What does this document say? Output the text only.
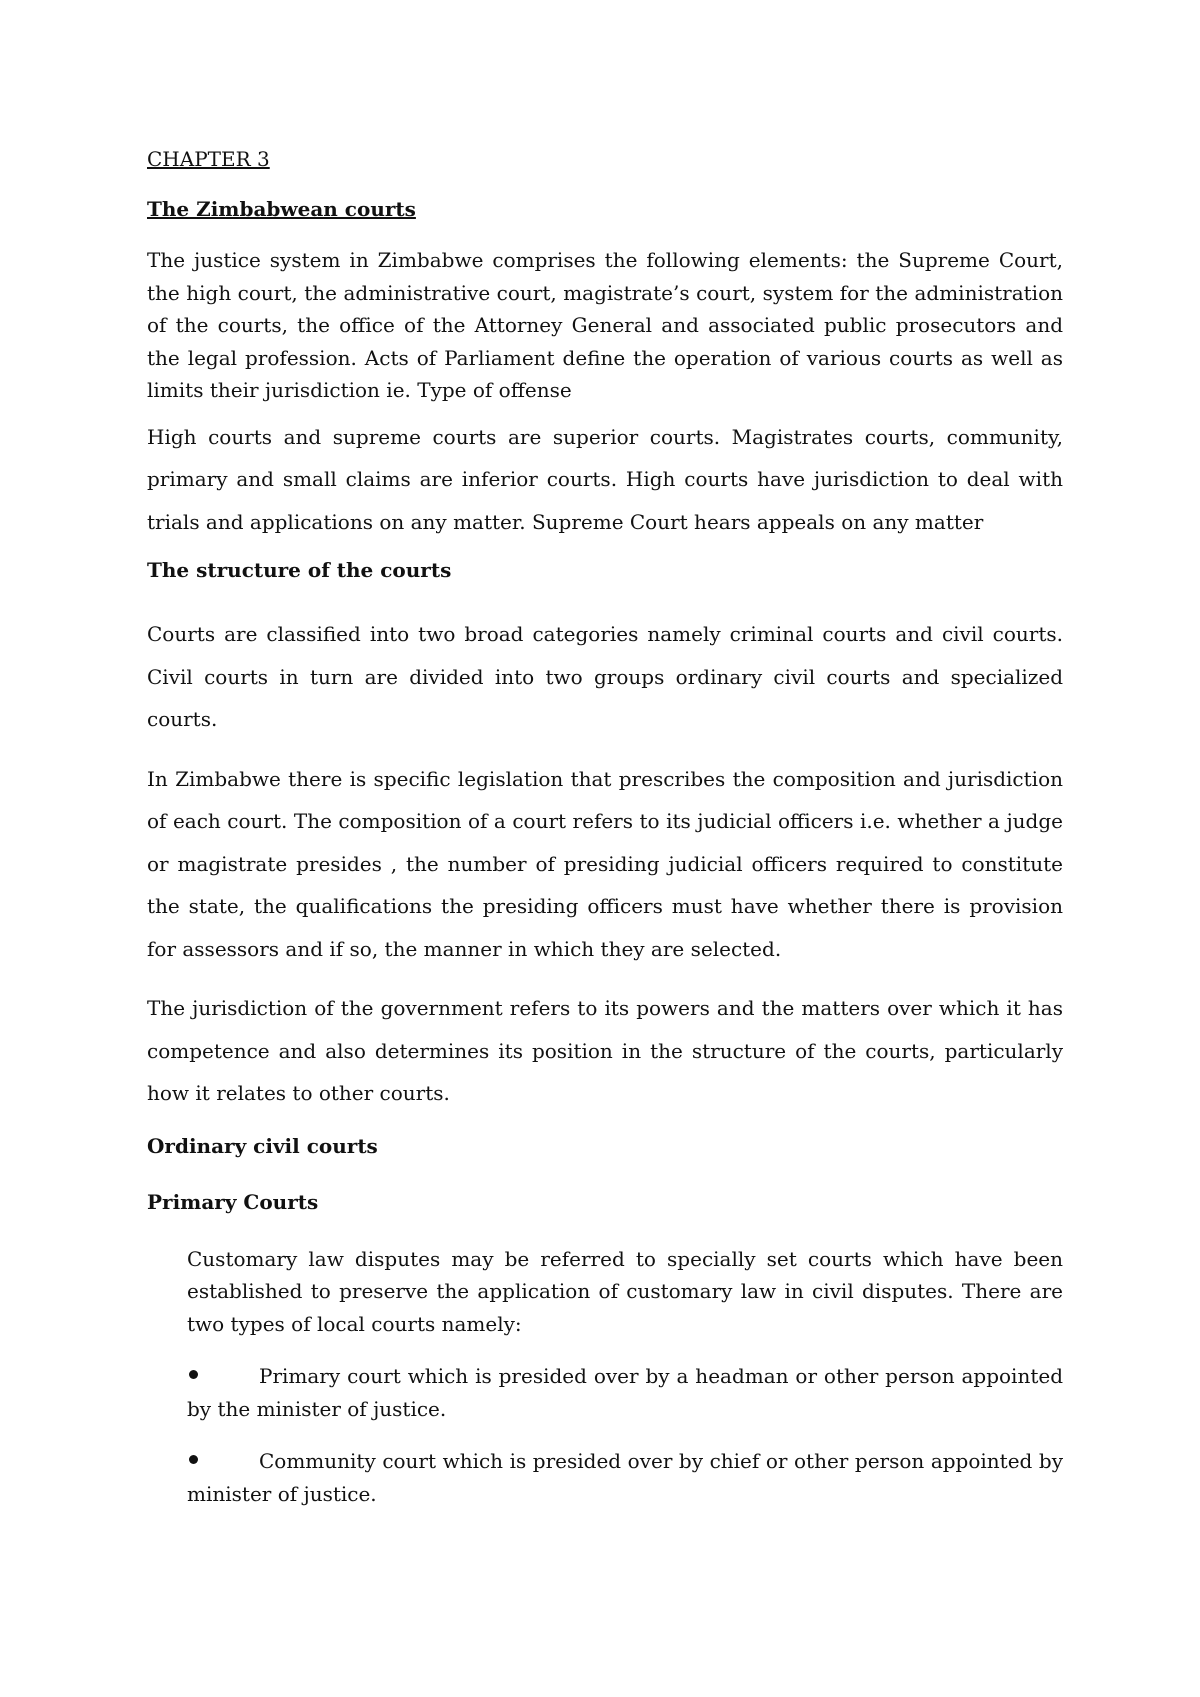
CHAPTER 3
The Zimbabwean courts

The justice system in Zimbabwe comprises the following elements: the Supreme Court, the high court, the administrative court, magistrate’s court, system for the administration of the courts, the office of the Attorney General and associated public prosecutors and the legal profession. Acts of Parliament define the operation of various courts as well as limits their jurisdiction ie. Type of offense

High courts and supreme courts are superior courts. Magistrates courts, community, primary and small claims are inferior courts. High courts have jurisdiction to deal with trials and applications on any matter. Supreme Court hears appeals on any matter

The structure of the courts

Courts are classified into two broad categories namely criminal courts and civil courts. Civil courts in turn are divided into two groups ordinary civil courts and specialized courts.

In Zimbabwe there is specific legislation that prescribes the composition and jurisdiction of each court. The composition of a court refers to its judicial officers i.e. whether a judge or magistrate presides , the number of presiding judicial officers required to constitute the state, the qualifications the presiding officers must have whether there is provision for assessors and if so, the manner in which they are selected.

The jurisdiction of the government refers to its powers and the matters over which it has competence and also determines its position in the structure of the courts, particularly how it relates to other courts.

Ordinary civil courts
Primary Courts

Customary law disputes may be referred to specially set courts which have been established to preserve the application of customary law in civil disputes. There are two types of local courts namely:

Primary court which is presided over by a headman or other person appointed by the minister of justice.
Community court which is presided over by chief or other person appointed by minister of justice.
